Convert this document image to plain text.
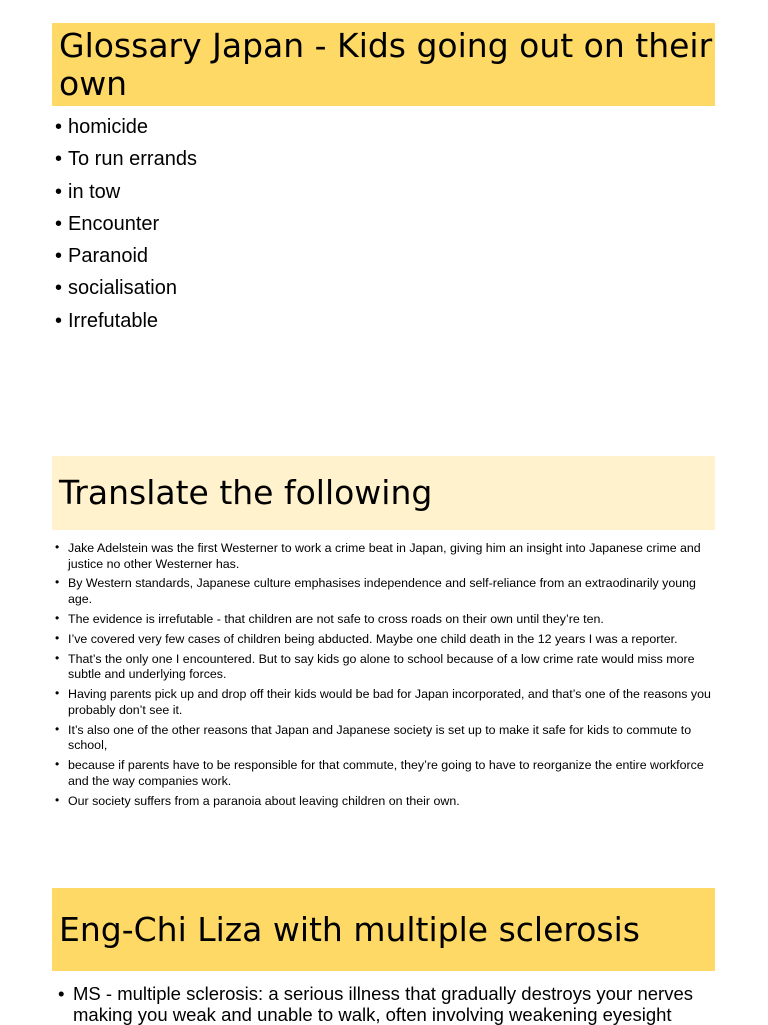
Glossary Japan - Kids going out on their own
• homicide
• To run errands
• in tow
• Encounter
• Paranoid
• socialisation
• Irrefutable
Translate the following
• Jake Adelstein was the first Westerner to work a crime beat in Japan, giving him an insight into Japanese crime and justice no other Westerner has.
• By Western standards, Japanese culture emphasises independence and self-reliance from an extraodinarily young age.
• The evidence is irrefutable - that children are not safe to cross roads on their own until they’re ten.
• I’ve covered very few cases of children being abducted. Maybe one child death in the 12 years I was a reporter.
• That’s the only one I encountered. But to say kids go alone to school because of a low crime rate would miss more subtle and underlying forces.
• Having parents pick up and drop off their kids would be bad for Japan incorporated, and that’s one of the reasons you probably don’t see it.
• It’s also one of the other reasons that Japan and Japanese society is set up to make it safe for kids to commute to school,
• because if parents have to be responsible for that commute, they’re going to have to reorganize the entire workforce and the way companies work.
• Our society suffers from a paranoia about leaving children on their own.
Eng-Chi Liza with multiple sclerosis
• MS - multiple sclerosis: a serious illness that gradually destroys your nerves making you weak and unable to walk, often involving weakening eyesight
